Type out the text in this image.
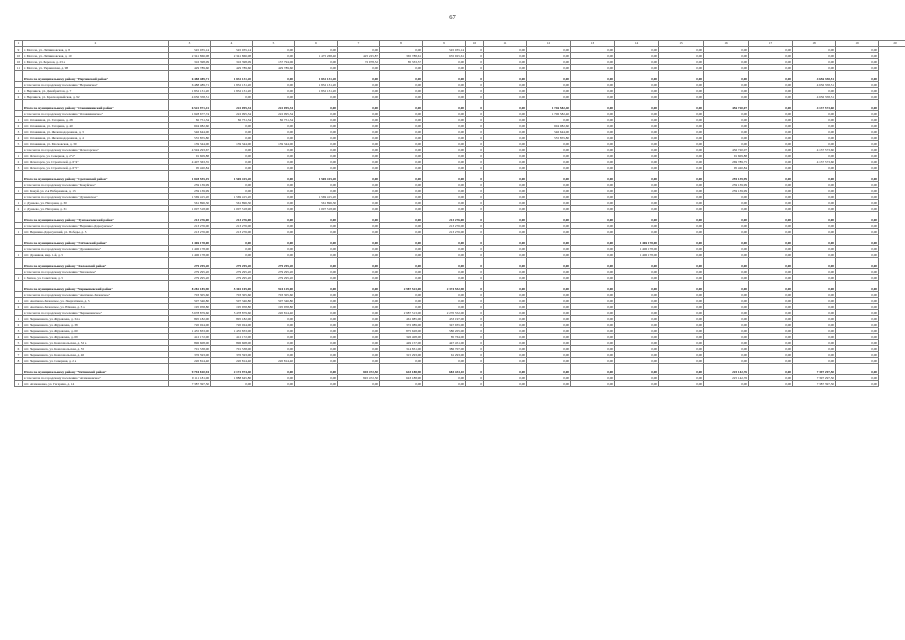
67
1	2	3	4	5	6	7	8	9	10	11	12	13	14	15	16	17	18	19	20
9	г. Могоча, ул. Литвиновская, д. 8	545 035,14	545 035,14	0,00	0,00	0,00	0,00	545 035,14	0	0,00	0,00	0,00	0,00	0,00	0,00	0,00	0,00	0,00	
10	г. Могоча, ул. Литвиновская, д. 10	2 341 866,08	2 341 866,08	0,00	1 475 268,40	425 225,87	365 788,61	635 925,61	0	0,00	0,00	0,00	0,00	0,00	0,00	0,00	0,00	0,00	
10	г. Могоча, ул. Березов, д. 23 а	316 398,09	316 398,09	137 794,06	0,00	72 978,52	85 333,57	0,00	0	0,00	0,00	0,00	0,00	0,00	0,00	0,00	0,00	0,00	
11	г. Могоча, ул. Украинская, д. 98	429 789,60	429 789,60	429 789,60	0,00	0,00	0,00	0,00	0	0,00	0,00	0,00	0,00	0,00	0,00	0,00	0,00	0,00	
	Итого по муниципальному району "Нерчинский район"	6 488 489,71	1 832 131,20	0,00	1 832 131,20	0,00	0,00	0,00	0	0,00	0,00	0,00	0,00	0,00	0,00	0,00	4 656 358,51	0,00	
	в том числе по городскому поселению "Нерчинское"	6 488 489,71	1 832 131,20	0,00	1 832 131,20	0,00	0,00	0,00	0	0,00	0,00	0,00	0,00	0,00	0,00	0,00	4 656 358,51	0,00	
1	г. Нерчинск, ул. Декабристов, д. 7	1 832 131,20	1 832 131,20	0,00	1 832 131,20	0,00	0,00	0,00	0	0,00	0,00	0,00	0,00	0,00	0,00	0,00	0,00	0,00	
2	г. Нерчинск, ул. Красноармейская, д. 92	4 656 358,51	0,00	0,00	0,00	0,00	0,00	0,00	0	0,00	0,00	0,00	0,00	0,00	0,00	0,00	4 656 358,51	0,00	
	Итого по муниципальному району "Оловяннинский район"	6 522 971,41	222 095,34	222 095,34	0,00	0,00	0,00	0,00	0	0,00	1 746 582,40	0,00	0,00	0,00	456 720,07	0,00	4 137 573,60	0,00	
	в том числе по городскому поселению "Оловяннинское"	1 928 677,74	222 095,34	222 095,34	0,00	0,00	0,00	0,00	0	0,00	1 706 582,40	0,00	0,00	0,00	0,00	0,00	0,00	0,00	
1	пгт. Оловянная, ул. Гагарина, д. 28	82 751,34	82 751,34	82 751,34	0,00	0,00	0,00	0,00	0	0,00	0,00	0,00	0,00	0,00	0,00	0,00	0,00	0,00	
2	пгт. Оловянная, ул. Гагарина, д. 40	604 082,60	0,00	0,00	0,00	0,00	0,00	0,00	0	0,00	604 082,60	0,00	0,00	0,00	0,00	0,00	0,00	0,00	
3	пгт. Оловянная, ул. Железнодорожная, д. 3	546 644,00	0,00	0,00	0,00	0,00	0,00	0,00	0	0,00	546 644,00	0,00	0,00	0,00	0,00	0,00	0,00	0,00	
4	пгт. Оловянная, ул. Железнодорожная, д. 4	555 855,80	0,00	0,00	0,00	0,00	0,00	0,00	0	0,00	555 855,80	0,00	0,00	0,00	0,00	0,00	0,00	0,00	
5	пгт. Оловянная, ул. Московская, д. 30	139 344,00	139 344,00	139 344,00	0,00	0,00	0,00	0,00	0	0,00	0,00	0,00	0,00	0,00	0,00	0,00	0,00	0,00	
	в том числе по городскому поселению "Ясногорское"	4 594 293,67	0,00	0,00	0,00	0,00	0,00	0,00	0	0,00	0,00	0,00	0,00	0,00	456 720,07	0,00	4 137 573,60	0,00	
1	пгт. Ясногорск, ул. Северная, д. 2"2"	91 609,88	0,00	0,00	0,00	0,00	0,00	0,00	0	0,00	0,00	0,00	0,00	0,00	91 609,88	0,00	0,00	0,00	
2	пгт. Ясногорск, ул. Строителей, д. 6"4"	4 407 363,35	0,00	0,00	0,00	0,00	0,00	0,00	0	0,00	0,00	0,00	0,00	0,00	269 789,75	0,00	4 137 573,60	0,00	
3	пгт. Ясногорск, ул. Строителей, д. 6"5"	95 420,84	0,00	0,00	0,00	0,00	0,00	0,00	0	0,00	0,00	0,00	0,00	0,00	95 420,84	0,00	0,00	0,00	
	Итого по муниципальному району "Сретенский район"	1 828 555,19	1 569 415,20	0,00	1 569 415,20	0,00	0,00	0,00	0	0,00	0,00	0,00	0,00	0,00	259 139,99	0,00	0,00	0,00	
	в том числе по городскому поселению "Кокуйское"	259 139,99	0,00	0,00	0,00	0,00	0,00	0,00	0	0,00	0,00	0,00	0,00	0,00	259 139,99	0,00	0,00	0,00	
1	пгт. Кокуй, ул. 2-я Набережная, д. 13	259 139,99	0,00	0,00	0,00	0,00	0,00	0,00	0	0,00	0,00	0,00	0,00	0,00	259 139,99	0,00	0,00	0,00	
	в том числе по городскому поселению "Дунаевское"	1 569 415,20	1 569 415,20	0,00	1 569 415,20	0,00	0,00	0,00	0	0,00	0,00	0,00	0,00	0,00	0,00	0,00	0,00	0,00	
1	с. Дунаево, ул. Нагорная, д. 30	561 896,30	561 896,30	0,00	561 896,30	0,00	0,00	0,00	0	0,00	0,00	0,00	0,00	0,00	0,00	0,00	0,00	0,00	
2	с. Дунаево, ул. Нагорная, д. 31	1 007 518,90	1 007 518,90	0,00	1 007 518,90	0,00	0,00	0,00	0	0,00	0,00	0,00	0,00	0,00	0,00	0,00	0,00	0,00	
	Итого по муниципальному району "Тунгокоченский район"	213 276,00	213 276,00	0,00	0,00	0,00	0,00	213 276,00	0	0,00	0,00	0,00	0,00	0,00	0,00	0,00	0,00	0,00	
	в том числе по городскому поселению "Вершино-Дарасунское"	213 276,00	213 276,00	0,00	0,00	0,00	0,00	213 276,00	0	0,00	0,00	0,00	0,00	0,00	0,00	0,00	0,00	0,00	
1	пгт. Вершино-Дарасунский, ул. Победы, д. 5	213 276,00	213 276,00	0,00	0,00	0,00	0,00	213 276,00	0	0,00	0,00	0,00	0,00	0,00	0,00	0,00	0,00	0,00	
	Итого по муниципальному району "Улётовский район"	1 406 178,00	0,00	0,00	0,00	0,00	0,00	0,00	0	0,00	0,00	0,00	1 406 178,00	0,00	0,00	0,00	0,00	0,00	
	в том числе по городскому поселению "Дровянинское"	1 406 178,00	0,00	0,00	0,00	0,00	0,00	0,00	0	0,00	0,00	0,00	1 406 178,00	0,00	0,00	0,00	0,00	0,00	
1	пгт. Дровяная, мкр. 1-й, д. 5	1 406 178,00	0,00	0,00	0,00	0,00	0,00	0,00	0	0,00	0,00	0,00	1 406 178,00	0,00	0,00	0,00	0,00	0,00	
	Итого по муниципальному району "Хилокский район"	279 295,20	279 295,20	279 295,20	0,00	0,00	0,00	0,00	0	0,00	0,00	0,00	0,00	0,00	0,00	0,00	0,00	0,00	
	в том числе по городскому поселению "Хилокское"	279 295,20	279 295,20	279 295,20	0,00	0,00	0,00	0,00	0	0,00	0,00	0,00	0,00	0,00	0,00	0,00	0,00	0,00	
1	г. Хилок, ул. Советская, д. 5	279 295,20	279 295,20	279 295,20	0,00	0,00	0,00	0,00	0	0,00	0,00	0,00	0,00	0,00	0,00	0,00	0,00	0,00	
	Итого по муниципальному району "Чернышевский район"	8 282 185,90	5 302 105,00	924 129,00	0,00	0,00	2 987 523,00	2 374 552,90	0	0,00	0,00	0,00	0,00	0,00	0,00	0,00	0,00	0,00	
	в том числе по городскому поселению "Аксёново-Зиловское"	703 305,60	703 305,60	703 305,60	0,00	0,00	0,00	0,00	0	0,00	0,00	0,00	0,00	0,00	0,00	0,00	0,00	0,00	
1	пгт. Аксёново-Зиловское, ул. Энергетиков, д. 5	507 346,80	507 346,80	507 346,80	0,00	0,00	0,00	0,00	0	0,00	0,00	0,00	0,00	0,00	0,00	0,00	0,00	0,00	
2	пгт. Аксёново-Зиловское, ул. Южная, д. 3 а	195 958,80	195 958,80	195 958,80	0,00	0,00	0,00	0,00	0	0,00	0,00	0,00	0,00	0,00	0,00	0,00	0,00	0,00	
	в том числе по городскому поселению "Чернышевское"	5 678 879,60	5 478 879,60	220 814,40	0,00	0,00	2 987 513,00	2 270 552,00	0	0,00	0,00	0,00	0,00	0,00	0,00	0,00	0,00	0,00	
1	пгт. Чернышевск, ул. Журавлева, д. 34 а	895 182,00	895 182,00	0,00	0,00	0,00	461 985,00	433 197,00	0	0,00	0,00	0,00	0,00	0,00	0,00	0,00	0,00	0,00	
2	пгт. Чернышевск, ул. Журавлева, д. 38	720 024,00	720 024,00	0,00	0,00	0,00	372 089,00	347 935,00	0	0,00	0,00	0,00	0,00	0,00	0,00	0,00	0,00	0,00	
3	пгт. Чернышевск, ул. Журавлева, д. 60	1 455 833,00	1 455 833,00	0,00	0,00	0,00	875 628,00	580 205,00	0	0,00	0,00	0,00	0,00	0,00	0,00	0,00	0,00	0,00	
4	пгт. Чернышевск, ул. Журавлева, д. 69	412 172,00	412 172,00	0,00	0,00	0,00	326 408,00	85 764,00	0	0,00	0,00	0,00	0,00	0,00	0,00	0,00	0,00	0,00	
5	пгт. Чернышевск, ул. Комсомольская, д. 52 а	896 608,00	896 608,00	0,00	0,00	0,00	449 157,00	447 451,00	0	0,00	0,00	0,00	0,00	0,00	0,00	0,00	0,00	0,00	
6	пгт. Чернышевск, ул. Комсомольская, д. 55	701 538,00	701 538,00	0,00	0,00	0,00	314 831,00	386 707,00	0	0,00	0,00	0,00	0,00	0,00	0,00	0,00	0,00	0,00	
7	пгт. Чернышевск, ул. Комсомольская, д. 40	376 593,00	376 593,00	0,00	0,00	0,00	315 293,00	61 293,00	0	0,00	0,00	0,00	0,00	0,00	0,00	0,00	0,00	0,00	
8	пгт. Чернышевск, ул. Северная, д. 2 а	220 814,40	220 814,40	220 814,40	0,00	0,00	0,00	0,00	0	0,00	0,00	0,00	0,00	0,00	0,00	0,00	0,00	0,00	
	Итого по муниципальному району "Читинский район"	9 794 810,94	2 172 974,40	0,00	0,00	845 472,50	643 188,90	683 433,10	0	0,00	0,00	0,00	0,00	0,00	225 142,76	0,00	7 397 297,50	0,00	
	в том числе по городскому поселению "Атамановское"	9 111 181,06	1 888 645,80	0,00	0,00	845 472,50	643 188,90	0,00	0	0,00	0,00	0,00	0,00	0,00	225 142,76	0,00	7 397 297,50	0,00	
1	пгт. Атамановка, ул. Гагарина, д. 14	7 387 397,50	0,00	0,00	0,00	0,00	0,00	0,00	0	0,00	0,00	0,00	0,00	0,00	0,00	0,00	7 387 397,50	0,00	
